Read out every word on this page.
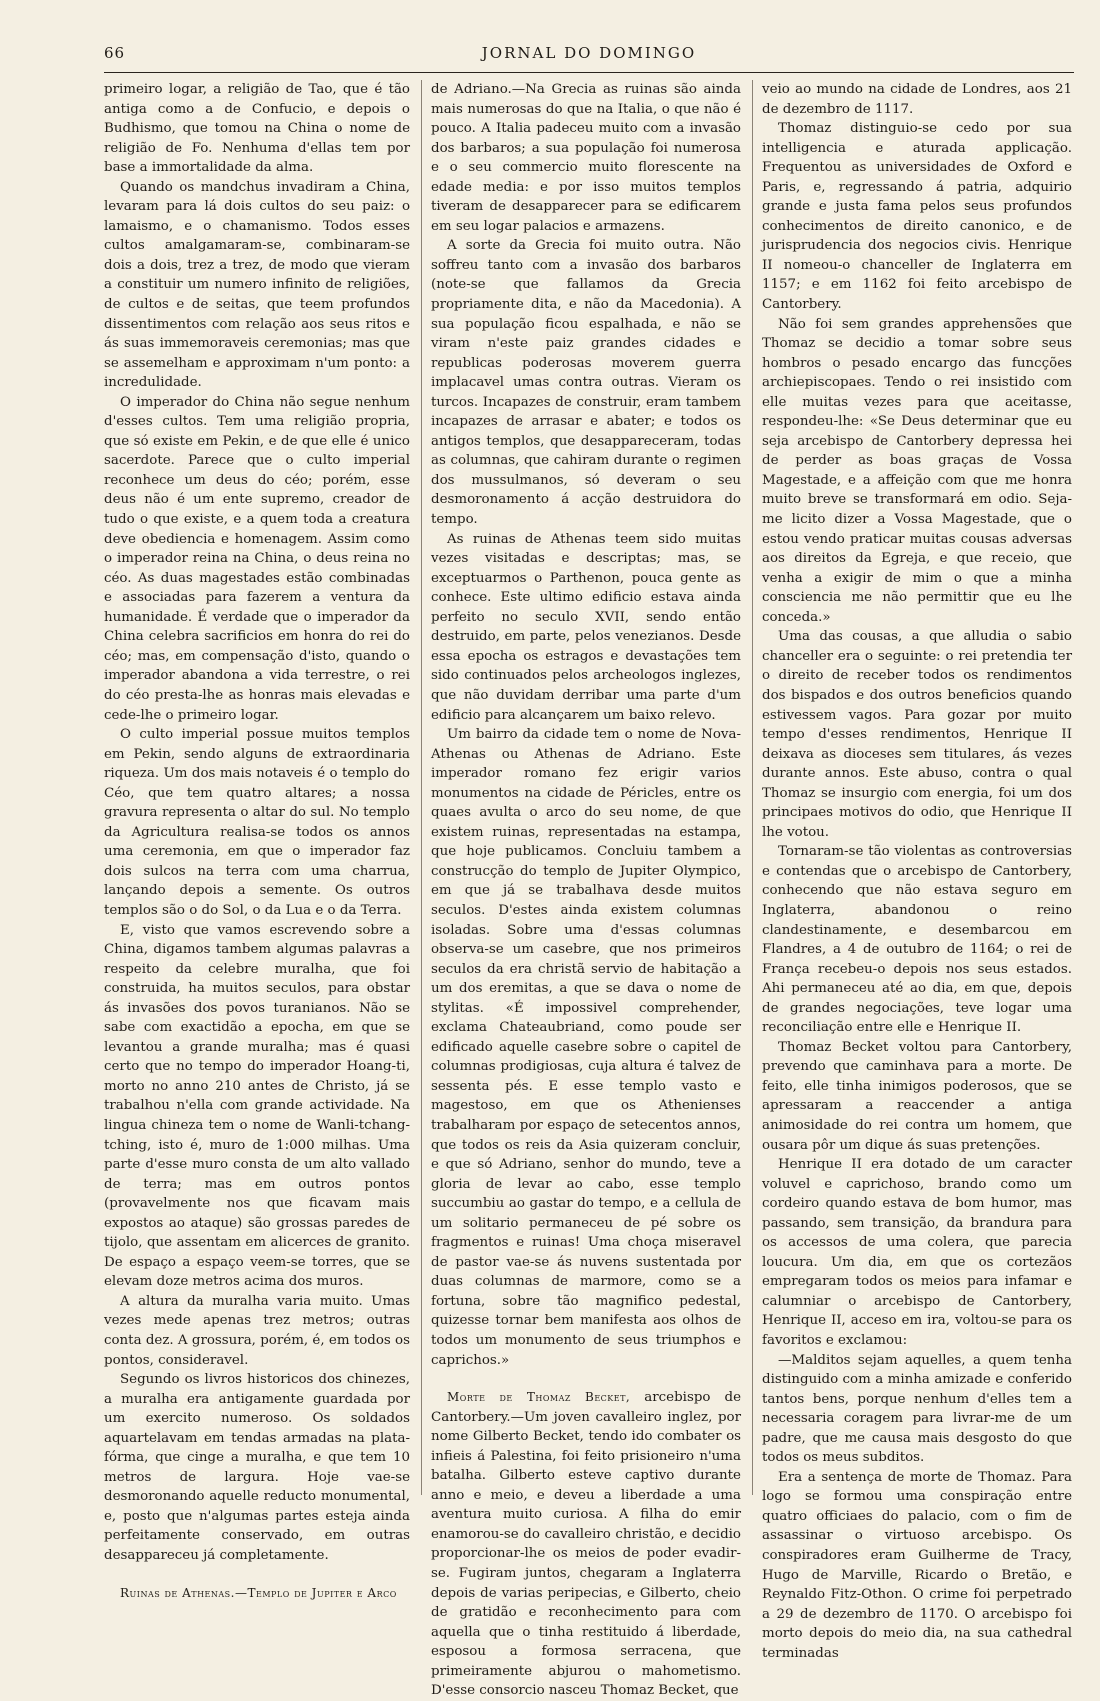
66	JORNAL DO DOMINGO

primeiro logar, a religião de Tao, que é tão antiga como a de Confucio, e depois o Budhismo, que tomou na China o nome de religião de Fo. Nenhuma d'ellas tem por base a immortalidade da alma.

Quando os mandchus invadiram a China, levaram para lá dois cultos do seu paiz: o lamaismo, e o chamanismo. Todos esses cultos amalgamaram-se, combinaram-se dois a dois, trez a trez, de modo que vieram a constituir um numero infinito de religiões, de cultos e de seitas, que teem profundos dissentimentos com relação aos seus ritos e ás suas immemoraveis ceremonias; mas que se assemelham e approximam n'um ponto: a incredulidade.

O imperador do China não segue nenhum d'esses cultos. Tem uma religião propria, que só existe em Pekin, e de que elle é unico sacerdote. Parece que o culto imperial reconhece um deus do céo; porém, esse deus não é um ente supremo, creador de tudo o que existe, e a quem toda a creatura deve obediencia e homenagem. Assim como o imperador reina na China, o deus reina no céo. As duas magestades estão combinadas e associadas para fazerem a ventura da humanidade. É verdade que o imperador da China celebra sacrificios em honra do rei do céo; mas, em compensação d'isto, quando o imperador abandona a vida terrestre, o rei do céo presta-lhe as honras mais elevadas e cede-lhe o primeiro logar.

O culto imperial possue muitos templos em Pekin, sendo alguns de extraordinaria riqueza. Um dos mais notaveis é o templo do Céo, que tem quatro altares; a nossa gravura representa o altar do sul. No templo da Agricultura realisa-se todos os annos uma ceremonia, em que o imperador faz dois sulcos na terra com uma charrua, lançando depois a semente. Os outros templos são o do Sol, o da Lua e o da Terra.

E, visto que vamos escrevendo sobre a China, digamos tambem algumas palavras a respeito da celebre muralha, que foi construida, ha muitos seculos, para obstar ás invasões dos povos turanianos. Não se sabe com exactidão a epocha, em que se levantou a grande muralha; mas é quasi certo que no tempo do imperador Hoang-ti, morto no anno 210 antes de Christo, já se trabalhou n'ella com grande actividade. Na lingua chineza tem o nome de Wanli-tchang-tching, isto é, muro de 1:000 milhas. Uma parte d'esse muro consta de um alto vallado de terra; mas em outros pontos (provavelmente nos que ficavam mais expostos ao ataque) são grossas paredes de tijolo, que assentam em alicerces de granito. De espaço a espaço veem-se torres, que se elevam doze metros acima dos muros.

A altura da muralha varia muito. Umas vezes mede apenas trez metros; outras conta dez. A grossura, porém, é, em todos os pontos, consideravel.

Segundo os livros historicos dos chinezes, a muralha era antigamente guardada por um exercito numeroso. Os soldados aquartelavam em tendas armadas na plata-fórma, que cinge a muralha, e que tem 10 metros de largura. Hoje vae-se desmoronando aquelle reducto monumental, e, posto que n'algumas partes esteja ainda perfeitamente conservado, em outras desappareceu já completamente.

Ruinas de Athenas.—Templo de Jupiter e Arco

de Adriano.—Na Grecia as ruinas são ainda mais numerosas do que na Italia, o que não é pouco. A Italia padeceu muito com a invasão dos barbaros; a sua população foi numerosa e o seu commercio muito florescente na edade media: e por isso muitos templos tiveram de desapparecer para se edificarem em seu logar palacios e armazens.

A sorte da Grecia foi muito outra. Não soffreu tanto com a invasão dos barbaros (note-se que fallamos da Grecia propriamente dita, e não da Macedonia). A sua população ficou espalhada, e não se viram n'este paiz grandes cidades e republicas poderosas moverem guerra implacavel umas contra outras. Vieram os turcos. Incapazes de construir, eram tambem incapazes de arrasar e abater; e todos os antigos templos, que desappareceram, todas as columnas, que cahiram durante o regimen dos mussulmanos, só deveram o seu desmoronamento á acção destruidora do tempo.

As ruinas de Athenas teem sido muitas vezes visitadas e descriptas; mas, se exceptuarmos o Parthenon, pouca gente as conhece. Este ultimo edificio estava ainda perfeito no seculo XVII, sendo então destruido, em parte, pelos venezianos. Desde essa epocha os estragos e devastações tem sido continuados pelos archeologos inglezes, que não duvidam derribar uma parte d'um edificio para alcançarem um baixo relevo.

Um bairro da cidade tem o nome de Nova-Athenas ou Athenas de Adriano. Este imperador romano fez erigir varios monumentos na cidade de Péricles, entre os quaes avulta o arco do seu nome, de que existem ruinas, representadas na estampa, que hoje publicamos. Concluiu tambem a construcção do templo de Jupiter Olympico, em que já se trabalhava desde muitos seculos. D'estes ainda existem columnas isoladas. Sobre uma d'essas columnas observa-se um casebre, que nos primeiros seculos da era christã servio de habitação a um dos eremitas, a que se dava o nome de stylitas. «É impossivel comprehender, exclama Chateaubriand, como poude ser edificado aquelle casebre sobre o capitel de columnas prodigiosas, cuja altura é talvez de sessenta pés. E esse templo vasto e magestoso, em que os Athenienses trabalharam por espaço de setecentos annos, que todos os reis da Asia quizeram concluir, e que só Adriano, senhor do mundo, teve a gloria de levar ao cabo, esse templo succumbiu ao gastar do tempo, e a cellula de um solitario permaneceu de pé sobre os fragmentos e ruinas! Uma choça miseravel de pastor vae-se ás nuvens sustentada por duas columnas de marmore, como se a fortuna, sobre tão magnifico pedestal, quizesse tornar bem manifesta aos olhos de todos um monumento de seus triumphos e caprichos.»

Morte de Thomaz Becket, arcebispo de Cantorbery.—Um joven cavalleiro inglez, por nome Gilberto Becket, tendo ido combater os infieis á Palestina, foi feito prisioneiro n'uma batalha. Gilberto esteve captivo durante anno e meio, e deveu a liberdade a uma aventura muito curiosa. A filha do emir enamorou-se do cavalleiro christão, e decidio proporcionar-lhe os meios de poder evadir-se. Fugiram juntos, chegaram a Inglaterra depois de varias peripecias, e Gilberto, cheio de gratidão e reconhecimento para com aquella que o tinha restituido á liberdade, esposou a formosa serracena, que primeiramente abjurou o mahometismo. D'esse consorcio nasceu Thomaz Becket, que

veio ao mundo na cidade de Londres, aos 21 de dezembro de 1117.

Thomaz distinguio-se cedo por sua intelligencia e aturada applicação. Frequentou as universidades de Oxford e Paris, e, regressando á patria, adquirio grande e justa fama pelos seus profundos conhecimentos de direito canonico, e de jurisprudencia dos negocios civis. Henrique II nomeou-o chanceller de Inglaterra em 1157; e em 1162 foi feito arcebispo de Cantorbery.

Não foi sem grandes apprehensões que Thomaz se decidio a tomar sobre seus hombros o pesado encargo das funcções archiepiscopaes. Tendo o rei insistido com elle muitas vezes para que aceitasse, respondeu-lhe: «Se Deus determinar que eu seja arcebispo de Cantorbery depressa hei de perder as boas graças de Vossa Magestade, e a affeição com que me honra muito breve se transformará em odio. Seja-me licito dizer a Vossa Magestade, que o estou vendo praticar muitas cousas adversas aos direitos da Egreja, e que receio, que venha a exigir de mim o que a minha consciencia me não permittir que eu lhe conceda.»

Uma das cousas, a que alludia o sabio chanceller era o seguinte: o rei pretendia ter o direito de receber todos os rendimentos dos bispados e dos outros beneficios quando estivessem vagos. Para gozar por muito tempo d'esses rendimentos, Henrique II deixava as dioceses sem titulares, ás vezes durante annos. Este abuso, contra o qual Thomaz se insurgio com energia, foi um dos principaes motivos do odio, que Henrique II lhe votou.

Tornaram-se tão violentas as controversias e contendas que o arcebispo de Cantorbery, conhecendo que não estava seguro em Inglaterra, abandonou o reino clandestinamente, e desembarcou em Flandres, a 4 de outubro de 1164; o rei de França recebeu-o depois nos seus estados. Ahi permaneceu até ao dia, em que, depois de grandes negociações, teve logar uma reconciliação entre elle e Henrique II.

Thomaz Becket voltou para Cantorbery, prevendo que caminhava para a morte. De feito, elle tinha inimigos poderosos, que se apressaram a reaccender a antiga animosidade do rei contra um homem, que ousara pôr um dique ás suas pretenções.

Henrique II era dotado de um caracter voluvel e caprichoso, brando como um cordeiro quando estava de bom humor, mas passando, sem transição, da brandura para os accessos de uma colera, que parecia loucura. Um dia, em que os cortezãos empregaram todos os meios para infamar e calumniar o arcebispo de Cantorbery, Henrique II, acceso em ira, voltou-se para os favoritos e exclamou:

—Malditos sejam aquelles, a quem tenha distinguido com a minha amizade e conferido tantos bens, porque nenhum d'elles tem a necessaria coragem para livrar-me de um padre, que me causa mais desgosto do que todos os meus subditos.

Era a sentença de morte de Thomaz. Para logo se formou uma conspiração entre quatro officiaes do palacio, com o fim de assassinar o virtuoso arcebispo. Os conspiradores eram Guilherme de Tracy, Hugo de Marville, Ricardo o Bretão, e Reynaldo Fitz-Othon. O crime foi perpetrado a 29 de dezembro de 1170. O arcebispo foi morto depois do meio dia, na sua cathedral terminadas
